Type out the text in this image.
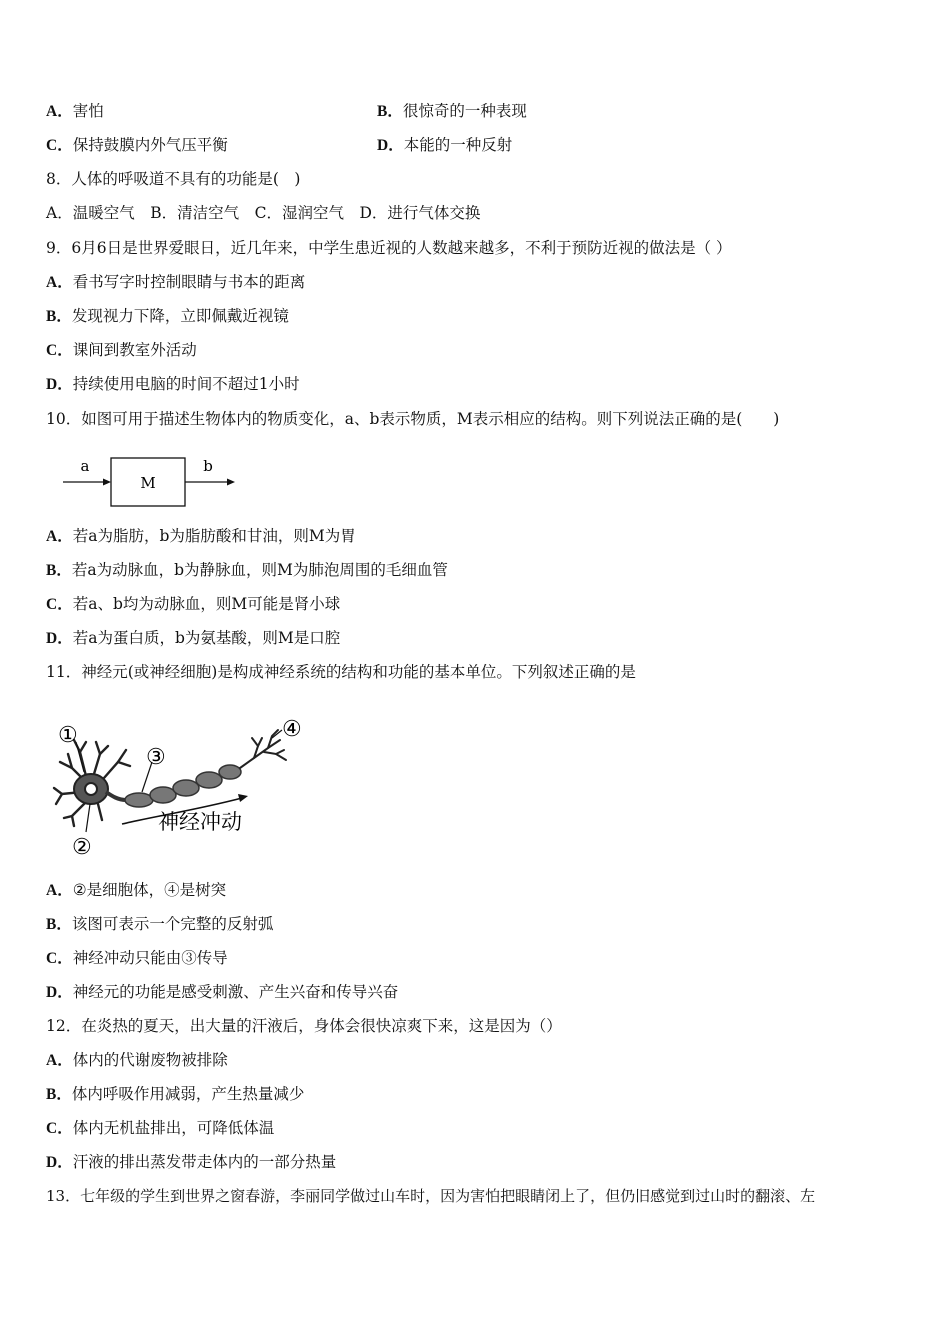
A．害怕	B．很惊奇的一种表现
C．保持鼓膜内外气压平衡	D．本能的一种反射
8．人体的呼吸道不具有的功能是(　)
A．温暖空气　B．清洁空气　C．湿润空气　D．进行气体交换
9．6月6日是世界爱眼日，近几年来，中学生患近视的人数越来越多，不利于预防近视的做法是（ ）
A．看书写字时控制眼睛与书本的距离
B．发现视力下降，立即佩戴近视镜
C．课间到教室外活动
D．持续使用电脑的时间不超过1小时
10．如图可用于描述生物体内的物质变化，a、b表示物质，M表示相应的结构。则下列说法正确的是(　　)
a
M
b
A．若a为脂肪，b为脂肪酸和甘油，则M为胃
B．若a为动脉血，b为静脉血，则M为肺泡周围的毛细血管
C．若a、b均为动脉血，则M可能是肾小球
D．若a为蛋白质，b为氨基酸，则M是口腔
11．神经元(或神经细胞)是构成神经系统的结构和功能的基本单位。下列叙述正确的是
①
②
③
④
神经冲动
A．②是细胞体，④是树突
B．该图可表示一个完整的反射弧
C．神经冲动只能由③传导
D．神经元的功能是感受刺激、产生兴奋和传导兴奋
12．在炎热的夏天，出大量的汗液后，身体会很快凉爽下来，这是因为（）
A．体内的代谢废物被排除
B．体内呼吸作用减弱，产生热量减少
C．体内无机盐排出，可降低体温
D．汗液的排出蒸发带走体内的一部分热量
13．七年级的学生到世界之窗春游，李丽同学做过山车时，因为害怕把眼睛闭上了，但仍旧感觉到过山时的翻滚、左
